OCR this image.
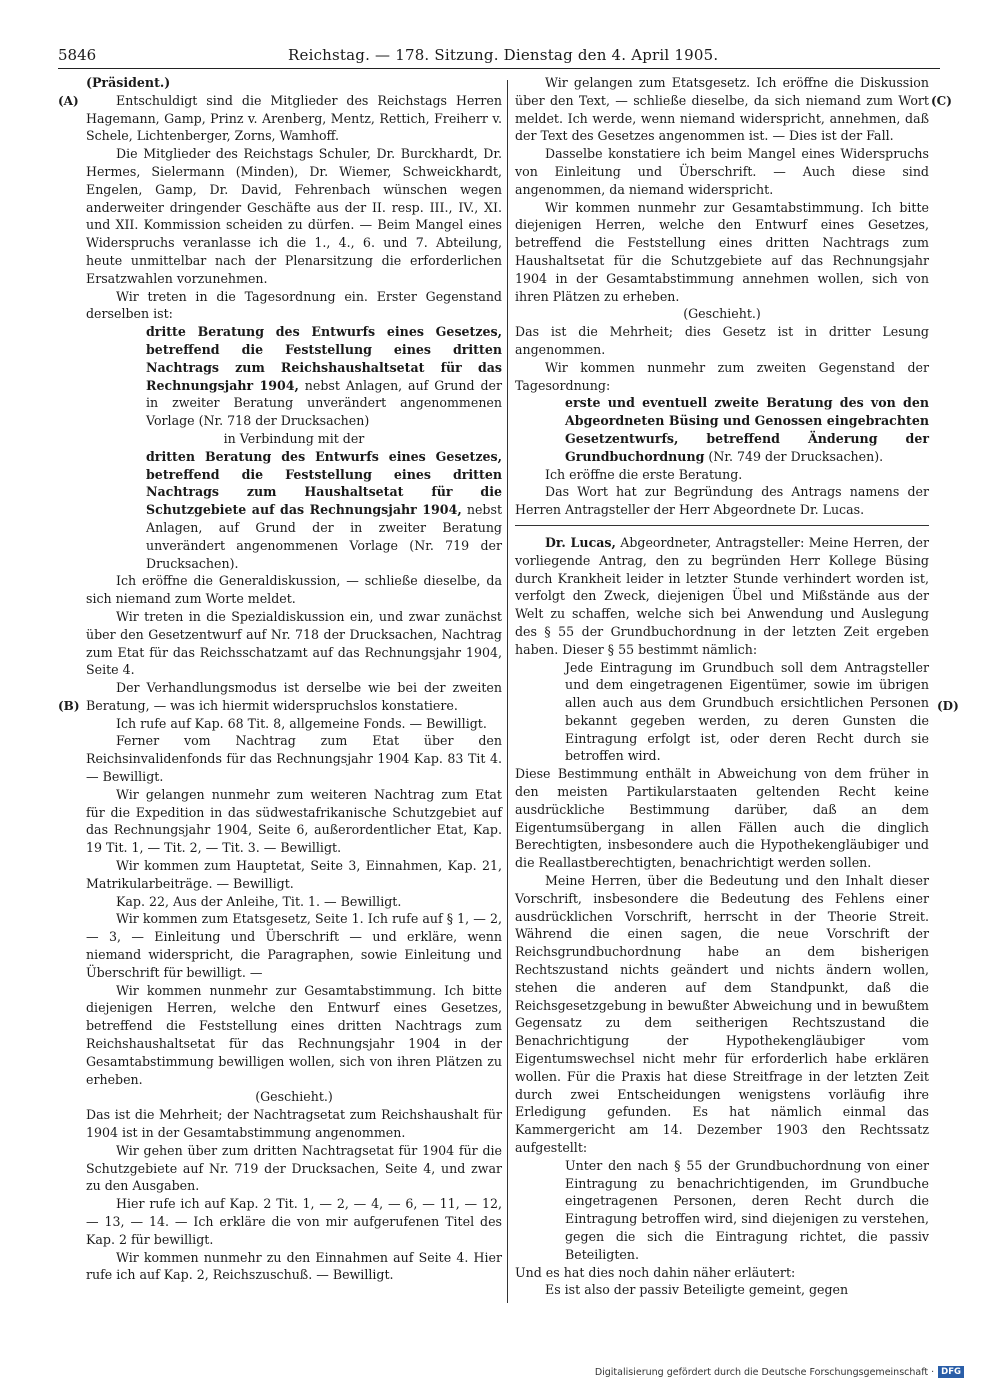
5846	Reichstag. — 178. Sitzung. Dienstag den 4. April 1905.
(A)
(B)
(C)
(D)

(Präsident.)

Entschuldigt sind die Mitglieder des Reichstags Herren Hagemann, Gamp, Prinz v. Arenberg, Mentz, Rettich, Freiherr v. Schele, Lichtenberger, Zorns, Wamhoff.

Die Mitglieder des Reichstags Schuler, Dr. Burckhardt, Dr. Hermes, Sielermann (Minden), Dr. Wiemer, Schweickhardt, Engelen, Gamp, Dr. David, Fehrenbach wünschen wegen anderweiter dringender Geschäfte aus der II. resp. III., IV., XI. und XII. Kommission scheiden zu dürfen. — Beim Mangel eines Widerspruchs veranlasse ich die 1., 4., 6. und 7. Abteilung, heute unmittelbar nach der Plenarsitzung die erforderlichen Ersatzwahlen vorzunehmen.

Wir treten in die Tagesordnung ein. Erster Gegenstand derselben ist:

dritte Beratung des Entwurfs eines Gesetzes, betreffend die Feststellung eines dritten Nachtrags zum Reichshaushaltsetat für das Rechnungsjahr 1904, nebst Anlagen, auf Grund der in zweiter Beratung unverändert angenommenen Vorlage (Nr. 718 der Drucksachen)

in Verbindung mit der

dritten Beratung des Entwurfs eines Gesetzes, betreffend die Feststellung eines dritten Nachtrags zum Haushaltsetat für die Schutzgebiete auf das Rechnungsjahr 1904, nebst Anlagen, auf Grund der in zweiter Beratung unverändert angenommenen Vorlage (Nr. 719 der Drucksachen).

Ich eröffne die Generaldiskussion, — schließe dieselbe, da sich niemand zum Worte meldet.

Wir treten in die Spezialdiskussion ein, und zwar zunächst über den Gesetzentwurf auf Nr. 718 der Drucksachen, Nachtrag zum Etat für das Reichsschatzamt auf das Rechnungsjahr 1904, Seite 4.

Der Verhandlungsmodus ist derselbe wie bei der zweiten Beratung, — was ich hiermit widerspruchslos konstatiere.

Ich rufe auf Kap. 68 Tit. 8, allgemeine Fonds. — Bewilligt.

Ferner vom Nachtrag zum Etat über den Reichsinvalidenfonds für das Rechnungsjahr 1904 Kap. 83 Tit 4. — Bewilligt.

Wir gelangen nunmehr zum weiteren Nachtrag zum Etat für die Expedition in das südwestafrikanische Schutzgebiet auf das Rechnungsjahr 1904, Seite 6, außerordentlicher Etat, Kap. 19 Tit. 1, — Tit. 2, — Tit. 3. — Bewilligt.

Wir kommen zum Hauptetat, Seite 3, Einnahmen, Kap. 21, Matrikularbeiträge. — Bewilligt.

Kap. 22, Aus der Anleihe, Tit. 1. — Bewilligt.

Wir kommen zum Etatsgesetz, Seite 1. Ich rufe auf § 1, — 2, — 3, — Einleitung und Überschrift — und erkläre, wenn niemand widerspricht, die Paragraphen, sowie Einleitung und Überschrift für bewilligt. —

Wir kommen nunmehr zur Gesamtabstimmung. Ich bitte diejenigen Herren, welche den Entwurf eines Gesetzes, betreffend die Feststellung eines dritten Nachtrags zum Reichshaushaltsetat für das Rechnungsjahr 1904 in der Gesamtabstimmung bewilligen wollen, sich von ihren Plätzen zu erheben.

(Geschieht.)

Das ist die Mehrheit; der Nachtragsetat zum Reichshaushalt für 1904 ist in der Gesamtabstimmung angenommen.

Wir gehen über zum dritten Nachtragsetat für 1904 für die Schutzgebiete auf Nr. 719 der Drucksachen, Seite 4, und zwar zu den Ausgaben.

Hier rufe ich auf Kap. 2 Tit. 1, — 2, — 4, — 6, — 11, — 12, — 13, — 14. — Ich erkläre die von mir aufgerufenen Titel des Kap. 2 für bewilligt.

Wir kommen nunmehr zu den Einnahmen auf Seite 4. Hier rufe ich auf Kap. 2, Reichszuschuß. — Bewilligt.

Wir gelangen zum Etatsgesetz. Ich eröffne die Diskussion über den Text, — schließe dieselbe, da sich niemand zum Wort meldet. Ich werde, wenn niemand widerspricht, annehmen, daß der Text des Gesetzes angenommen ist. — Dies ist der Fall.

Dasselbe konstatiere ich beim Mangel eines Widerspruchs von Einleitung und Überschrift. — Auch diese sind angenommen, da niemand widerspricht.

Wir kommen nunmehr zur Gesamtabstimmung. Ich bitte diejenigen Herren, welche den Entwurf eines Gesetzes, betreffend die Feststellung eines dritten Nachtrags zum Haushaltsetat für die Schutzgebiete auf das Rechnungsjahr 1904 in der Gesamtabstimmung annehmen wollen, sich von ihren Plätzen zu erheben.

(Geschieht.)

Das ist die Mehrheit; dies Gesetz ist in dritter Lesung angenommen.

Wir kommen nunmehr zum zweiten Gegenstand der Tagesordnung:

erste und eventuell zweite Beratung des von den Abgeordneten Büsing und Genossen eingebrachten Gesetzentwurfs, betreffend Änderung der Grundbuchordnung (Nr. 749 der Drucksachen).

Ich eröffne die erste Beratung.

Das Wort hat zur Begründung des Antrags namens der Herren Antragsteller der Herr Abgeordnete Dr. Lucas.

Dr. Lucas, Abgeordneter, Antragsteller: Meine Herren, der vorliegende Antrag, den zu begründen Herr Kollege Büsing durch Krankheit leider in letzter Stunde verhindert worden ist, verfolgt den Zweck, diejenigen Übel und Mißstände aus der Welt zu schaffen, welche sich bei Anwendung und Auslegung des § 55 der Grundbuchordnung in der letzten Zeit ergeben haben. Dieser § 55 bestimmt nämlich:

Jede Eintragung im Grundbuch soll dem Antragsteller und dem eingetragenen Eigentümer, sowie im übrigen allen auch aus dem Grundbuch ersichtlichen Personen bekannt gegeben werden, zu deren Gunsten die Eintragung erfolgt ist, oder deren Recht durch sie betroffen wird.

Diese Bestimmung enthält in Abweichung von dem früher in den meisten Partikularstaaten geltenden Recht keine ausdrückliche Bestimmung darüber, daß an dem Eigentumsübergang in allen Fällen auch die dinglich Berechtigten, insbesondere auch die Hypothekengläubiger und die Reallastberechtigten, benachrichtigt werden sollen.

Meine Herren, über die Bedeutung und den Inhalt dieser Vorschrift, insbesondere die Bedeutung des Fehlens einer ausdrücklichen Vorschrift, herrscht in der Theorie Streit. Während die einen sagen, die neue Vorschrift der Reichsgrundbuchordnung habe an dem bisherigen Rechtszustand nichts geändert und nichts ändern wollen, stehen die anderen auf dem Standpunkt, daß die Reichsgesetzgebung in bewußter Abweichung und in bewußtem Gegensatz zu dem seitherigen Rechtszustand die Benachrichtigung der Hypothekengläubiger vom Eigentumswechsel nicht mehr für erforderlich habe erklären wollen. Für die Praxis hat diese Streitfrage in der letzten Zeit durch zwei Entscheidungen wenigstens vorläufig ihre Erledigung gefunden. Es hat nämlich einmal das Kammergericht am 14. Dezember 1903 den Rechtssatz aufgestellt:

Unter den nach § 55 der Grundbuchordnung von einer Eintragung zu benachrichtigenden, im Grundbuche eingetragenen Personen, deren Recht durch die Eintragung betroffen wird, sind diejenigen zu verstehen, gegen die sich die Eintragung richtet, die passiv Beteiligten.

Und es hat dies noch dahin näher erläutert:

Es ist also der passiv Beteiligte gemeint, gegen

Digitalisierung gefördert durch die Deutsche Forschungsgemeinschaft · DFG
